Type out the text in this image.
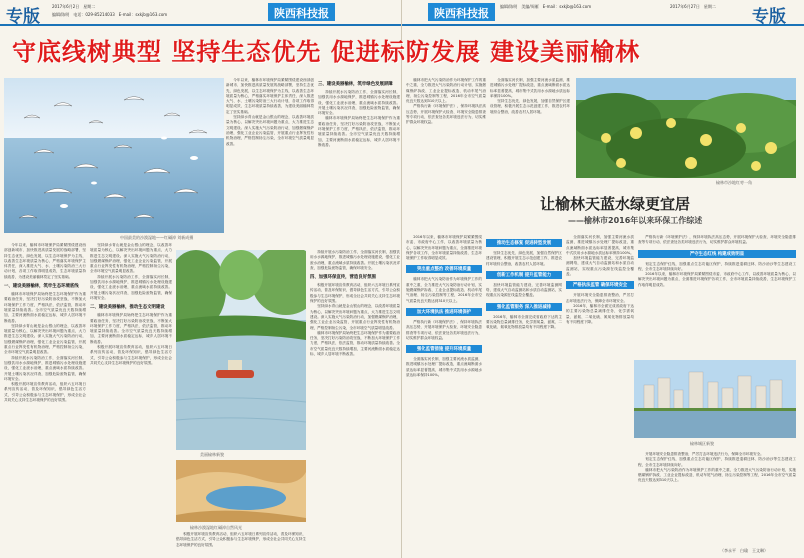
专版
2017年6月2日　星期二
编辑/陈明　电话：029-85214033　E-mail：sxkjb@163.com	陕西科技报	陕西科技报
编辑/陈明　美编/周雁　E-mail：sxkjb@163.com	2017年6月27日　星期二
专版
守底线树典型 坚持生态优先 促进标防发展 建设美丽榆林
中国最美的沙漠湿地——红碱淖 刘新成摄

今年以来，榆林市环境保护局紧紧围绕建设西部创新城市、加快推进高质量发展的战略部署，坚持生态优先，绿色发展，以生态环境保护为主线，以改善生态环境质量为核心，严格落实环境保护主体责任，深入推进大气、水、土壤污染防治三大行动计划，各项工作取得明显成效，生态环境质量持续改善，为建设美丽榆林奠定了坚实基础。

坚持绿水青山就是金山银山的理念，以改善环境质量为核心，以解决突出环境问题为重点，大力推进生态文明建设。深入实施大气污染防治行动，加强燃煤锅炉治理，强化工业企业污染监管，开展重点行业挥发性有机物治理，严格控制扬尘污染，全市环境空气质量明显改善。

三、建设美丽榆林，筑牢绿色发展屏障

持续开展水污染防治工作，全面落实河长制，加强饮用水水源地保护，推进城镇污水处理设施建设，强化工业废水治理，重点流域水质持续改善。开展土壤污染状况详查，加强危险废物监管，确保环境安全。

榆林市环境保护局始终把生态环境保护作为重要政治任务，坚决打好污染防治攻坚战，不断加大环境保护工作力度，严格执法，依法监管，推动环境质量持续改善。全市空气质量优良天数持续增加，主要河流断面水质稳定达标，城乡人居环境不断改善。

今年以来，榆林市环境保护局紧紧围绕建设西部创新城市、加快推进高质量发展的战略部署，坚持生态优先，绿色发展，以生态环境保护为主线，以改善生态环境质量为核心，严格落实环境保护主体责任，深入推进大气、水、土壤污染防治三大行动计划，各项工作取得明显成效，生态环境质量持续改善，为建设美丽榆林奠定了坚实基础。

一、建设美丽榆林，筑牢生态环境底线

榆林市环境保护局始终把生态环境保护作为重要政治任务，坚决打好污染防治攻坚战，不断加大环境保护工作力度，严格执法，依法监管，推动环境质量持续改善。全市空气质量优良天数持续增加，主要河流断面水质稳定达标，城乡人居环境不断改善。

坚持绿水青山就是金山银山的理念，以改善环境质量为核心，以解决突出环境问题为重点，大力推进生态文明建设。深入实施大气污染防治行动，加强燃煤锅炉治理，强化工业企业污染监管，开展重点行业挥发性有机物治理，严格控制扬尘污染，全市环境空气质量明显改善。

持续开展水污染防治工作，全面落实河长制，加强饮用水水源地保护，推进城镇污水处理设施建设，强化工业废水治理，重点流域水质持续改善。开展土壤污染状况详查，加强危险废物监管，确保环境安全。

积极开展环境宣传教育活动，组织六五环境日系列宣传活动，普及环保知识，倡导绿色生活方式，引导公众积极参与生态环境保护，形成全社会共同关心支持生态环境保护的良好氛围。

坚持绿水青山就是金山银山的理念，以改善环境质量为核心，以解决突出环境问题为重点，大力推进生态文明建设。深入实施大气污染防治行动，加强燃煤锅炉治理，强化工业企业污染监管，开展重点行业挥发性有机物治理，严格控制扬尘污染，全市环境空气质量明显改善。

持续开展水污染防治工作，全面落实河长制，加强饮用水水源地保护，推进城镇污水处理设施建设，强化工业废水治理，重点流域水质持续改善。开展土壤污染状况详查，加强危险废物监管，确保环境安全。

二、建设美丽榆林，推动生态文明建设

榆林市环境保护局始终把生态环境保护作为重要政治任务，坚决打好污染防治攻坚战，不断加大环境保护工作力度，严格执法，依法监管，推动环境质量持续改善。全市空气质量优良天数持续增加，主要河流断面水质稳定达标，城乡人居环境不断改善。

积极开展环境宣传教育活动，组织六五环境日系列宣传活动，普及环保知识，倡导绿色生活方式，引导公众积极参与生态环境保护，形成全社会共同关心支持生态环境保护的良好氛围。

美丽榆林新貌
榆林沙漠湿地红碱淖自然风光

持续开展水污染防治工作，全面落实河长制，加强饮用水水源地保护，推进城镇污水处理设施建设，强化工业废水治理，重点流域水质持续改善。开展土壤污染状况详查，加强危险废物监管，确保环境安全。

四、加强环保宣传，营造良好氛围

积极开展环境宣传教育活动，组织六五环境日系列宣传活动，普及环保知识，倡导绿色生活方式，引导公众积极参与生态环境保护，形成全社会共同关心支持生态环境保护的良好氛围。

坚持绿水青山就是金山银山的理念，以改善环境质量为核心，以解决突出环境问题为重点，大力推进生态文明建设。深入实施大气污染防治行动，加强燃煤锅炉治理，强化工业企业污染监管，开展重点行业挥发性有机物治理，严格控制扬尘污染，全市环境空气质量明显改善。

榆林市环境保护局始终把生态环境保护作为重要政治任务，坚决打好污染防治攻坚战，不断加大环境保护工作力度，严格执法，依法监管，推动环境质量持续改善。全市空气质量优良天数持续增加，主要河流断面水质稳定达标，城乡人居环境不断改善。

积极开展环境宣传教育活动，组织六五环境日系列宣传活动，普及环保知识，倡导绿色生活方式，引导公众积极参与生态环境保护，形成全社会共同关心支持生态环境保护的良好氛围。

榆林市把大气污染防治作为环境保护工作的重中之重，全力推进大气污染防治行动计划，实施燃煤锅炉拆改、工业企业提标改造、机动车尾气治理、扬尘污染控制等工程，2016年全市空气质量优良天数达到310天以上。

严格执行新《环境保护法》，保持环境执法高压态势，开展环境保护大检查、环境安全隐患排查等专项行动，依法查处各类环境违法行为，切实维护群众环境权益。

全面落实河长制，加强主要河流水质监测，推进城镇污水处理厂提标改造，重点流域断面水质达标率显著提高，城市集中式饮用水水源地水质达标率保持100%。

坚持生态优先、绿色发展，加强自然保护区建设管理，积极开展生态示范创建工作，推进农村环境综合整治，改善农村人居环境。

榆林市沙地红枣一角
让榆林天蓝水绿更宜居
——榆林市2016年以来环保工作综述
榆林城区新貌

2016年以来，榆林市环境保护局紧紧围绕市委、市政府中心工作，以改善环境质量为核心，以解决突出环境问题为重点，全面推进环境保护各项工作，全市环境质量持续改善，生态环境保护工作取得明显成效。

突出重点整治 改善环境质量

榆林市把大气污染防治作为环境保护工作的重中之重，全力推进大气污染防治行动计划，实施燃煤锅炉拆改、工业企业提标改造、机动车尾气治理、扬尘污染控制等工程，2016年全市空气质量优良天数达到310天以上。

加大环境执法 推进环境保护

严格执行新《环境保护法》，保持环境执法高压态势，开展环境保护大检查、环境安全隐患排查等专项行动，依法查处各类环境违法行为，切实维护群众环境权益。

强化监管措施 提升环境质量

全面落实河长制，加强主要河流水质监测，推进城镇污水处理厂提标改造，重点流域断面水质达标率显著提高，城市集中式饮用水水源地水质达标率保持100%。

推动生态修复 促进转型发展

坚持生态优先、绿色发展，加强自然保护区建设管理，积极开展生态示范创建工作，推进农村环境综合整治，改善农村人居环境。

创新工作机制 提升监管能力

加快环境监管能力建设，完善环境监测网络，建成大气自动监测站和水质自动监测站，实现重点污染源在线监控全覆盖。

强化监管服务 深入推进减排

2016年，榆林市全面完成省政府下达的主要污染物总量减排任务，化学需氧量、氨氮、二氧化硫、氮氧化物排放量均有不同程度下降。

全面落实河长制，加强主要河流水质监测，推进城镇污水处理厂提标改造，重点流域断面水质达标率显著提高，城市集中式饮用水水源地水质达标率保持100%。

加快环境监管能力建设，完善环境监测网络，建成大气自动监测站和水质自动监测站，实现重点污染源在线监控全覆盖。

严格执法监管 确保环境安全

开展环境安全隐患排查整治，严厉打击环境违法行为，保障全市环境安全。

2016年，榆林市全面完成省政府下达的主要污染物总量减排任务，化学需氧量、氨氮、二氧化硫、氮氧化物排放量均有不同程度下降。

严格执行新《环境保护法》，保持环境执法高压态势，开展环境保护大检查、环境安全隐患排查等专项行动，依法查处各类环境违法行为，切实维护群众环境权益。

严守生态红线 构建成效明显

划定生态保护红线，加强重点生态功能区保护，持续推进退耕还林、防沙治沙等生态建设工程，全市生态环境持续向好。

2016年以来，榆林市环境保护局紧紧围绕市委、市政府中心工作，以改善环境质量为核心，以解决突出环境问题为重点，全面推进环境保护各项工作，全市环境质量持续改善，生态环境保护工作取得明显成效。

开展环境安全隐患排查整治，严厉打击环境违法行为，保障全市环境安全。

划定生态保护红线，加强重点生态功能区保护，持续推进退耕还林、防沙治沙等生态建设工程，全市生态环境持续向好。

榆林市把大气污染防治作为环境保护工作的重中之重，全力推进大气污染防治行动计划，实施燃煤锅炉拆改、工业企业提标改造、机动车尾气治理、扬尘污染控制等工程，2016年全市空气质量优良天数达到310天以上。

（李永平　白瑜　王文琳）
